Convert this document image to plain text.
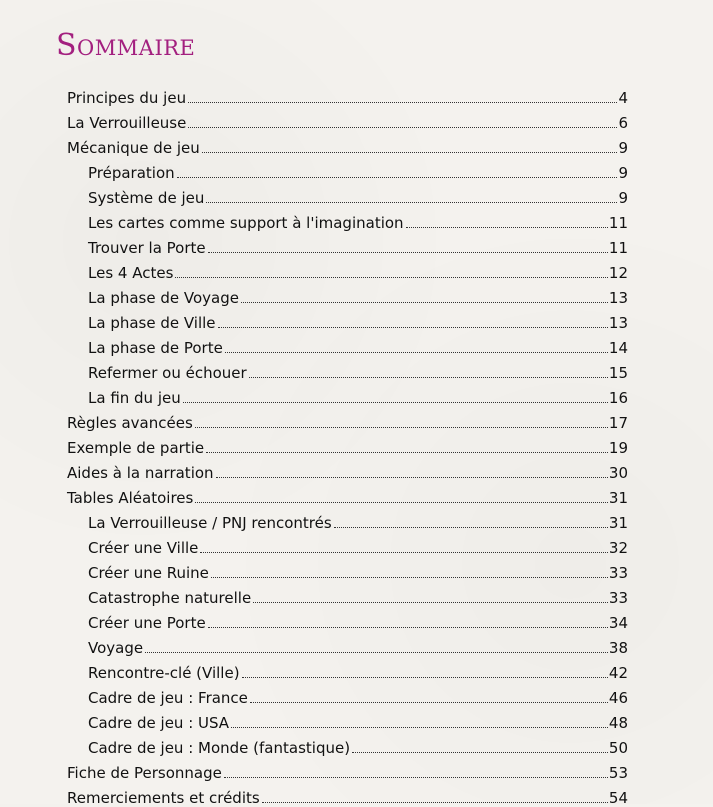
Sommaire
Principes du jeu	4
La Verrouilleuse	6
Mécanique de jeu	9
Préparation	9
Système de jeu	9
Les cartes comme support à l'imagination	11
Trouver la Porte	11
Les 4 Actes	12
La phase de Voyage	13
La phase de Ville	13
La phase de Porte	14
Refermer ou échouer	15
La fin du jeu	16
Règles avancées	17
Exemple de partie	19
Aides à la narration	30
Tables Aléatoires	31
La Verrouilleuse / PNJ rencontrés	31
Créer une Ville	32
Créer une Ruine	33
Catastrophe naturelle	33
Créer une Porte	34
Voyage	38
Rencontre-clé (Ville)	42
Cadre de jeu : France	46
Cadre de jeu : USA	48
Cadre de jeu : Monde (fantastique)	50
Fiche de Personnage	53
Remerciements et crédits	54
